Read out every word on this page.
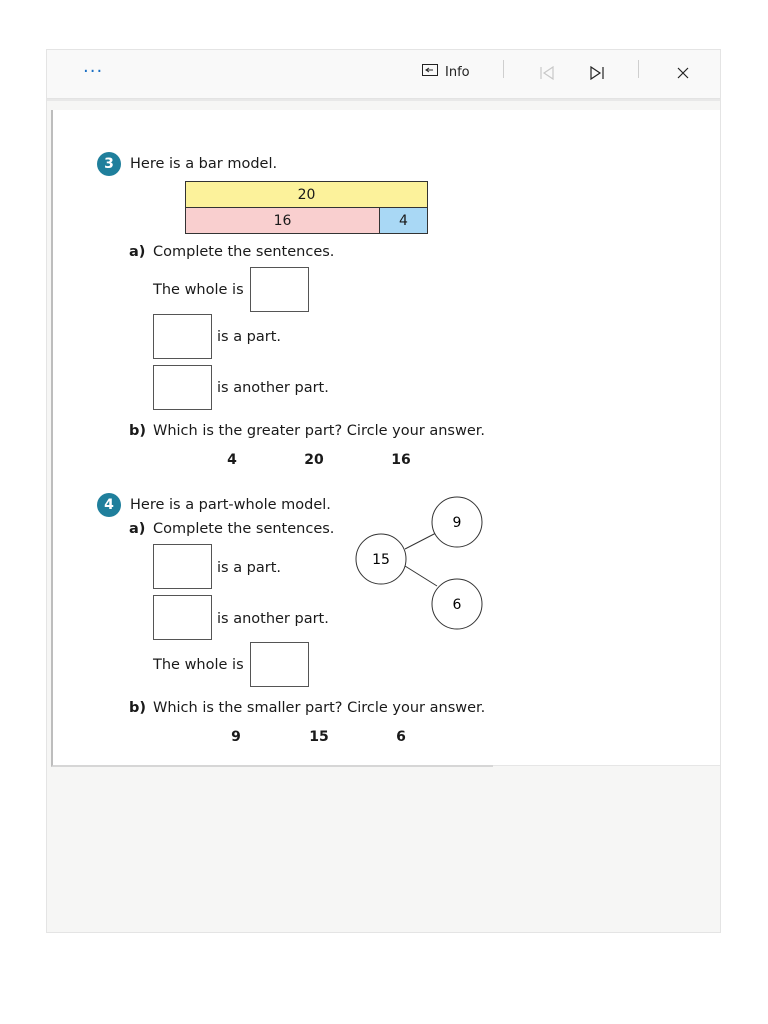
···	Info
3	Here is a bar model.
20
16	4
a) Complete the sentences.
The whole is
is a part.
is another part.
b) Which is the greater part? Circle your answer.
4	20	16
4	Here is a part-whole model.
a) Complete the sentences.
is a part.
is another part.
The whole is
15
9
6
b) Which is the smaller part? Circle your answer.
9	15	6
